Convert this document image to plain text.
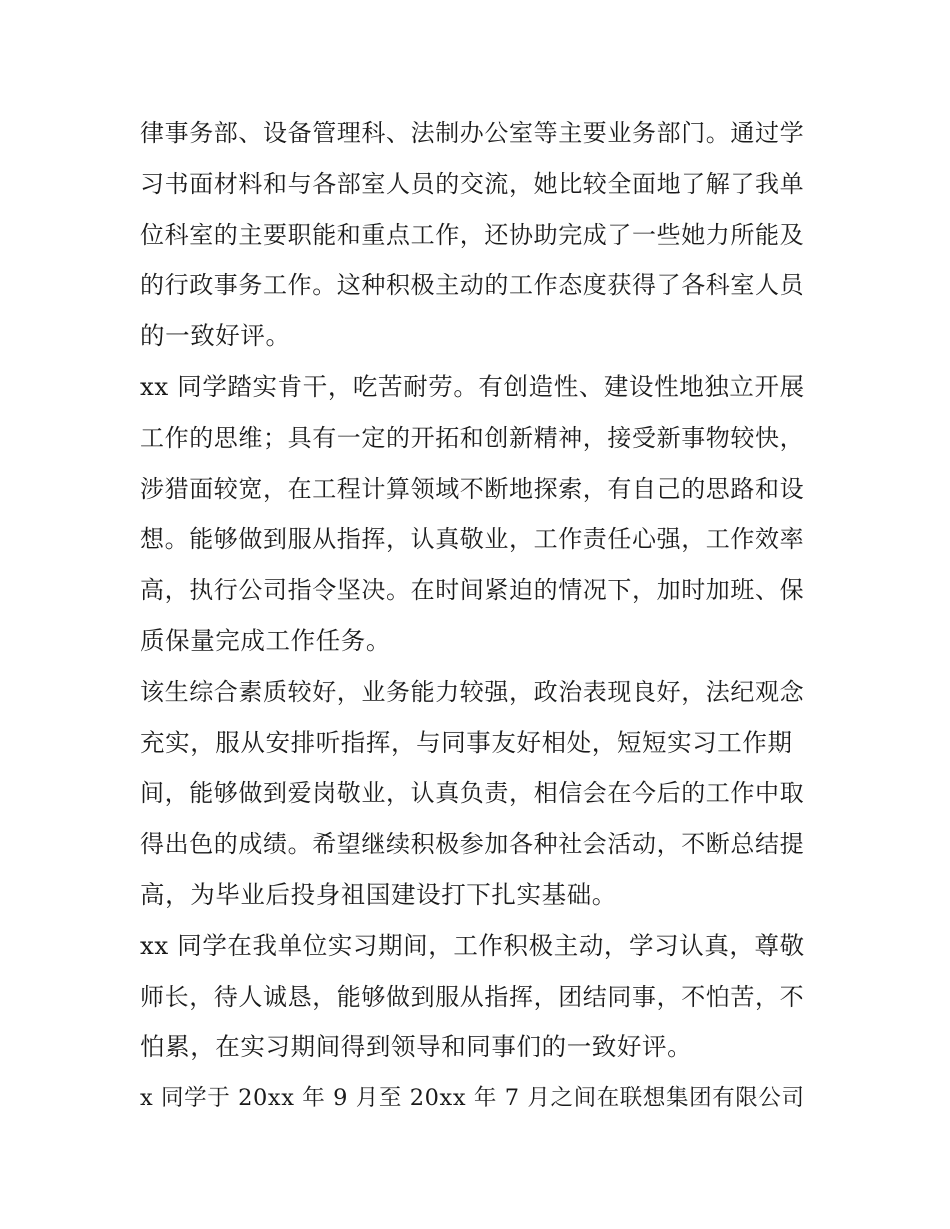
律事务部、设备管理科、法制办公室等主要业务部门。通过学
习书面材料和与各部室人员的交流，她比较全面地了解了我单
位科室的主要职能和重点工作，还协助完成了一些她力所能及
的行政事务工作。这种积极主动的工作态度获得了各科室人员
的一致好评。
xx 同学踏实肯干，吃苦耐劳。有创造性、建设性地独立开展
工作的思维；具有一定的开拓和创新精神，接受新事物较快，
涉猎面较宽，在工程计算领域不断地探索，有自己的思路和设
想。能够做到服从指挥，认真敬业，工作责任心强，工作效率
高，执行公司指令坚决。在时间紧迫的情况下，加时加班、保
质保量完成工作任务。
该生综合素质较好，业务能力较强，政治表现良好，法纪观念
充实，服从安排听指挥，与同事友好相处，短短实习工作期
间，能够做到爱岗敬业，认真负责，相信会在今后的工作中取
得出色的成绩。希望继续积极参加各种社会活动，不断总结提
高，为毕业后投身祖国建设打下扎实基础。
xx 同学在我单位实习期间，工作积极主动，学习认真，尊敬
师长，待人诚恳，能够做到服从指挥，团结同事，不怕苦，不
怕累，在实习期间得到领导和同事们的一致好评。
x 同学于 20xx 年 9 月至 20xx 年 7 月之间在联想集团有限公司
